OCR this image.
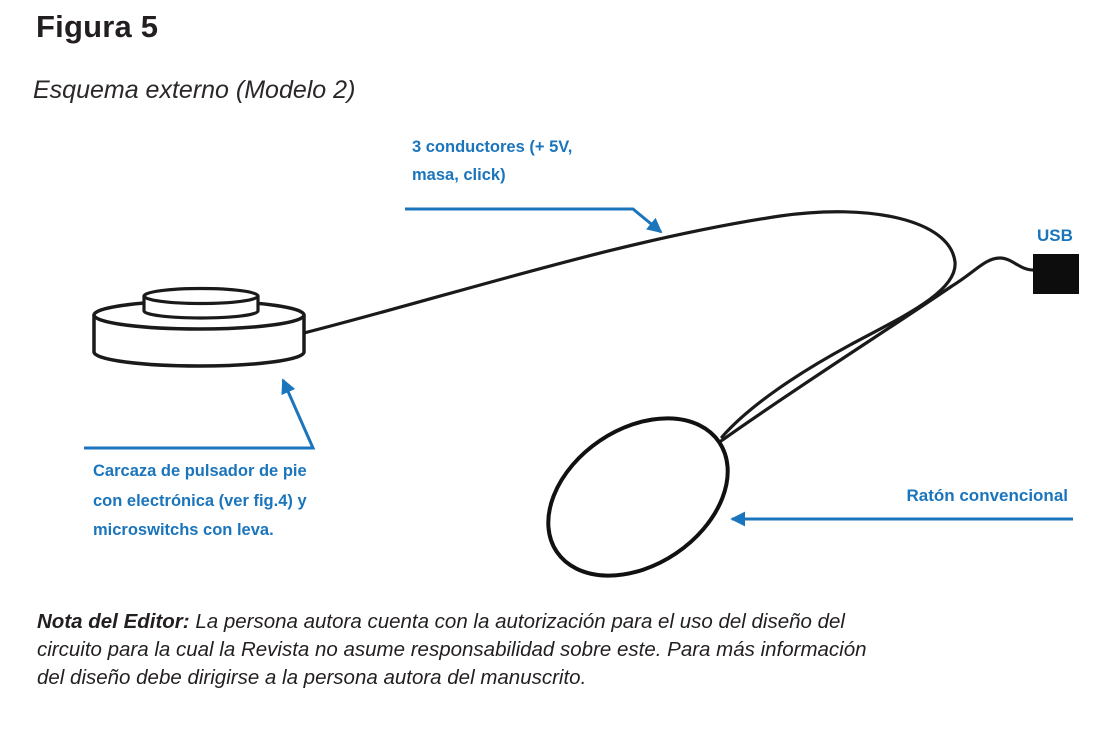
Figura 5
Esquema externo (Modelo 2)
3 conductores (+ 5V,
masa, click)
USB
Carcaza de pulsador de pie
con electrónica (ver fig.4) y
microswitchs con leva.
Ratón convencional
Nota del Editor: La persona autora cuenta con la autorización para el uso del diseño del
circuito para la cual la Revista no asume responsabilidad sobre este. Para más información
del diseño debe dirigirse a la persona autora del manuscrito.
